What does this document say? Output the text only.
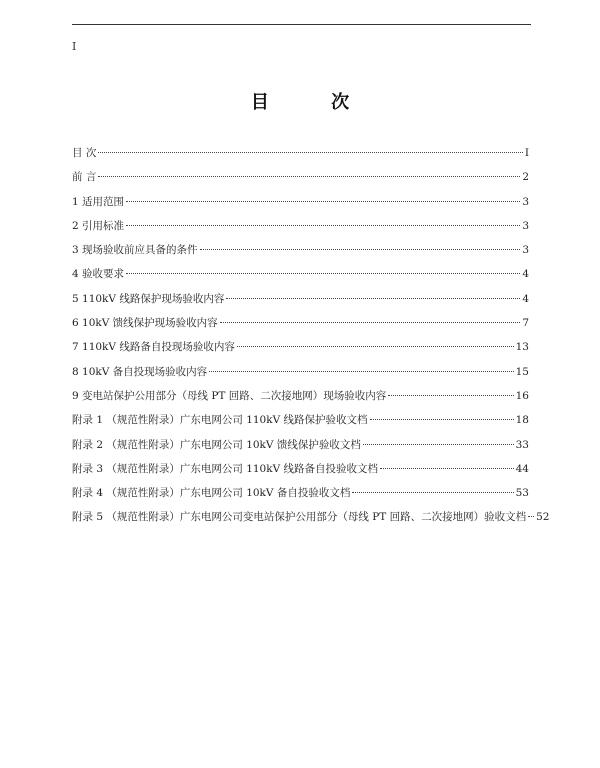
I
目 次
目 次	I
前 言	2
1 适用范围	3
2 引用标准	3
3 现场验收前应具备的条件	3
4 验收要求	4
5 110kV 线路保护现场验收内容	4
6 10kV 馈线保护现场验收内容	7
7 110kV 线路备自投现场验收内容	13
8 10kV 备自投现场验收内容	15
9 变电站保护公用部分（母线 PT 回路、二次接地网）现场验收内容	16
附录 1 （规范性附录）广东电网公司 110kV 线路保护验收文档	18
附录 2 （规范性附录）广东电网公司 10kV 馈线保护验收文档	33
附录 3 （规范性附录）广东电网公司 110kV 线路备自投验收文档	44
附录 4 （规范性附录）广东电网公司 10kV 备自投验收文档	53
附录 5 （规范性附录）广东电网公司变电站保护公用部分（母线 PT 回路、二次接地网）验收文档 52
